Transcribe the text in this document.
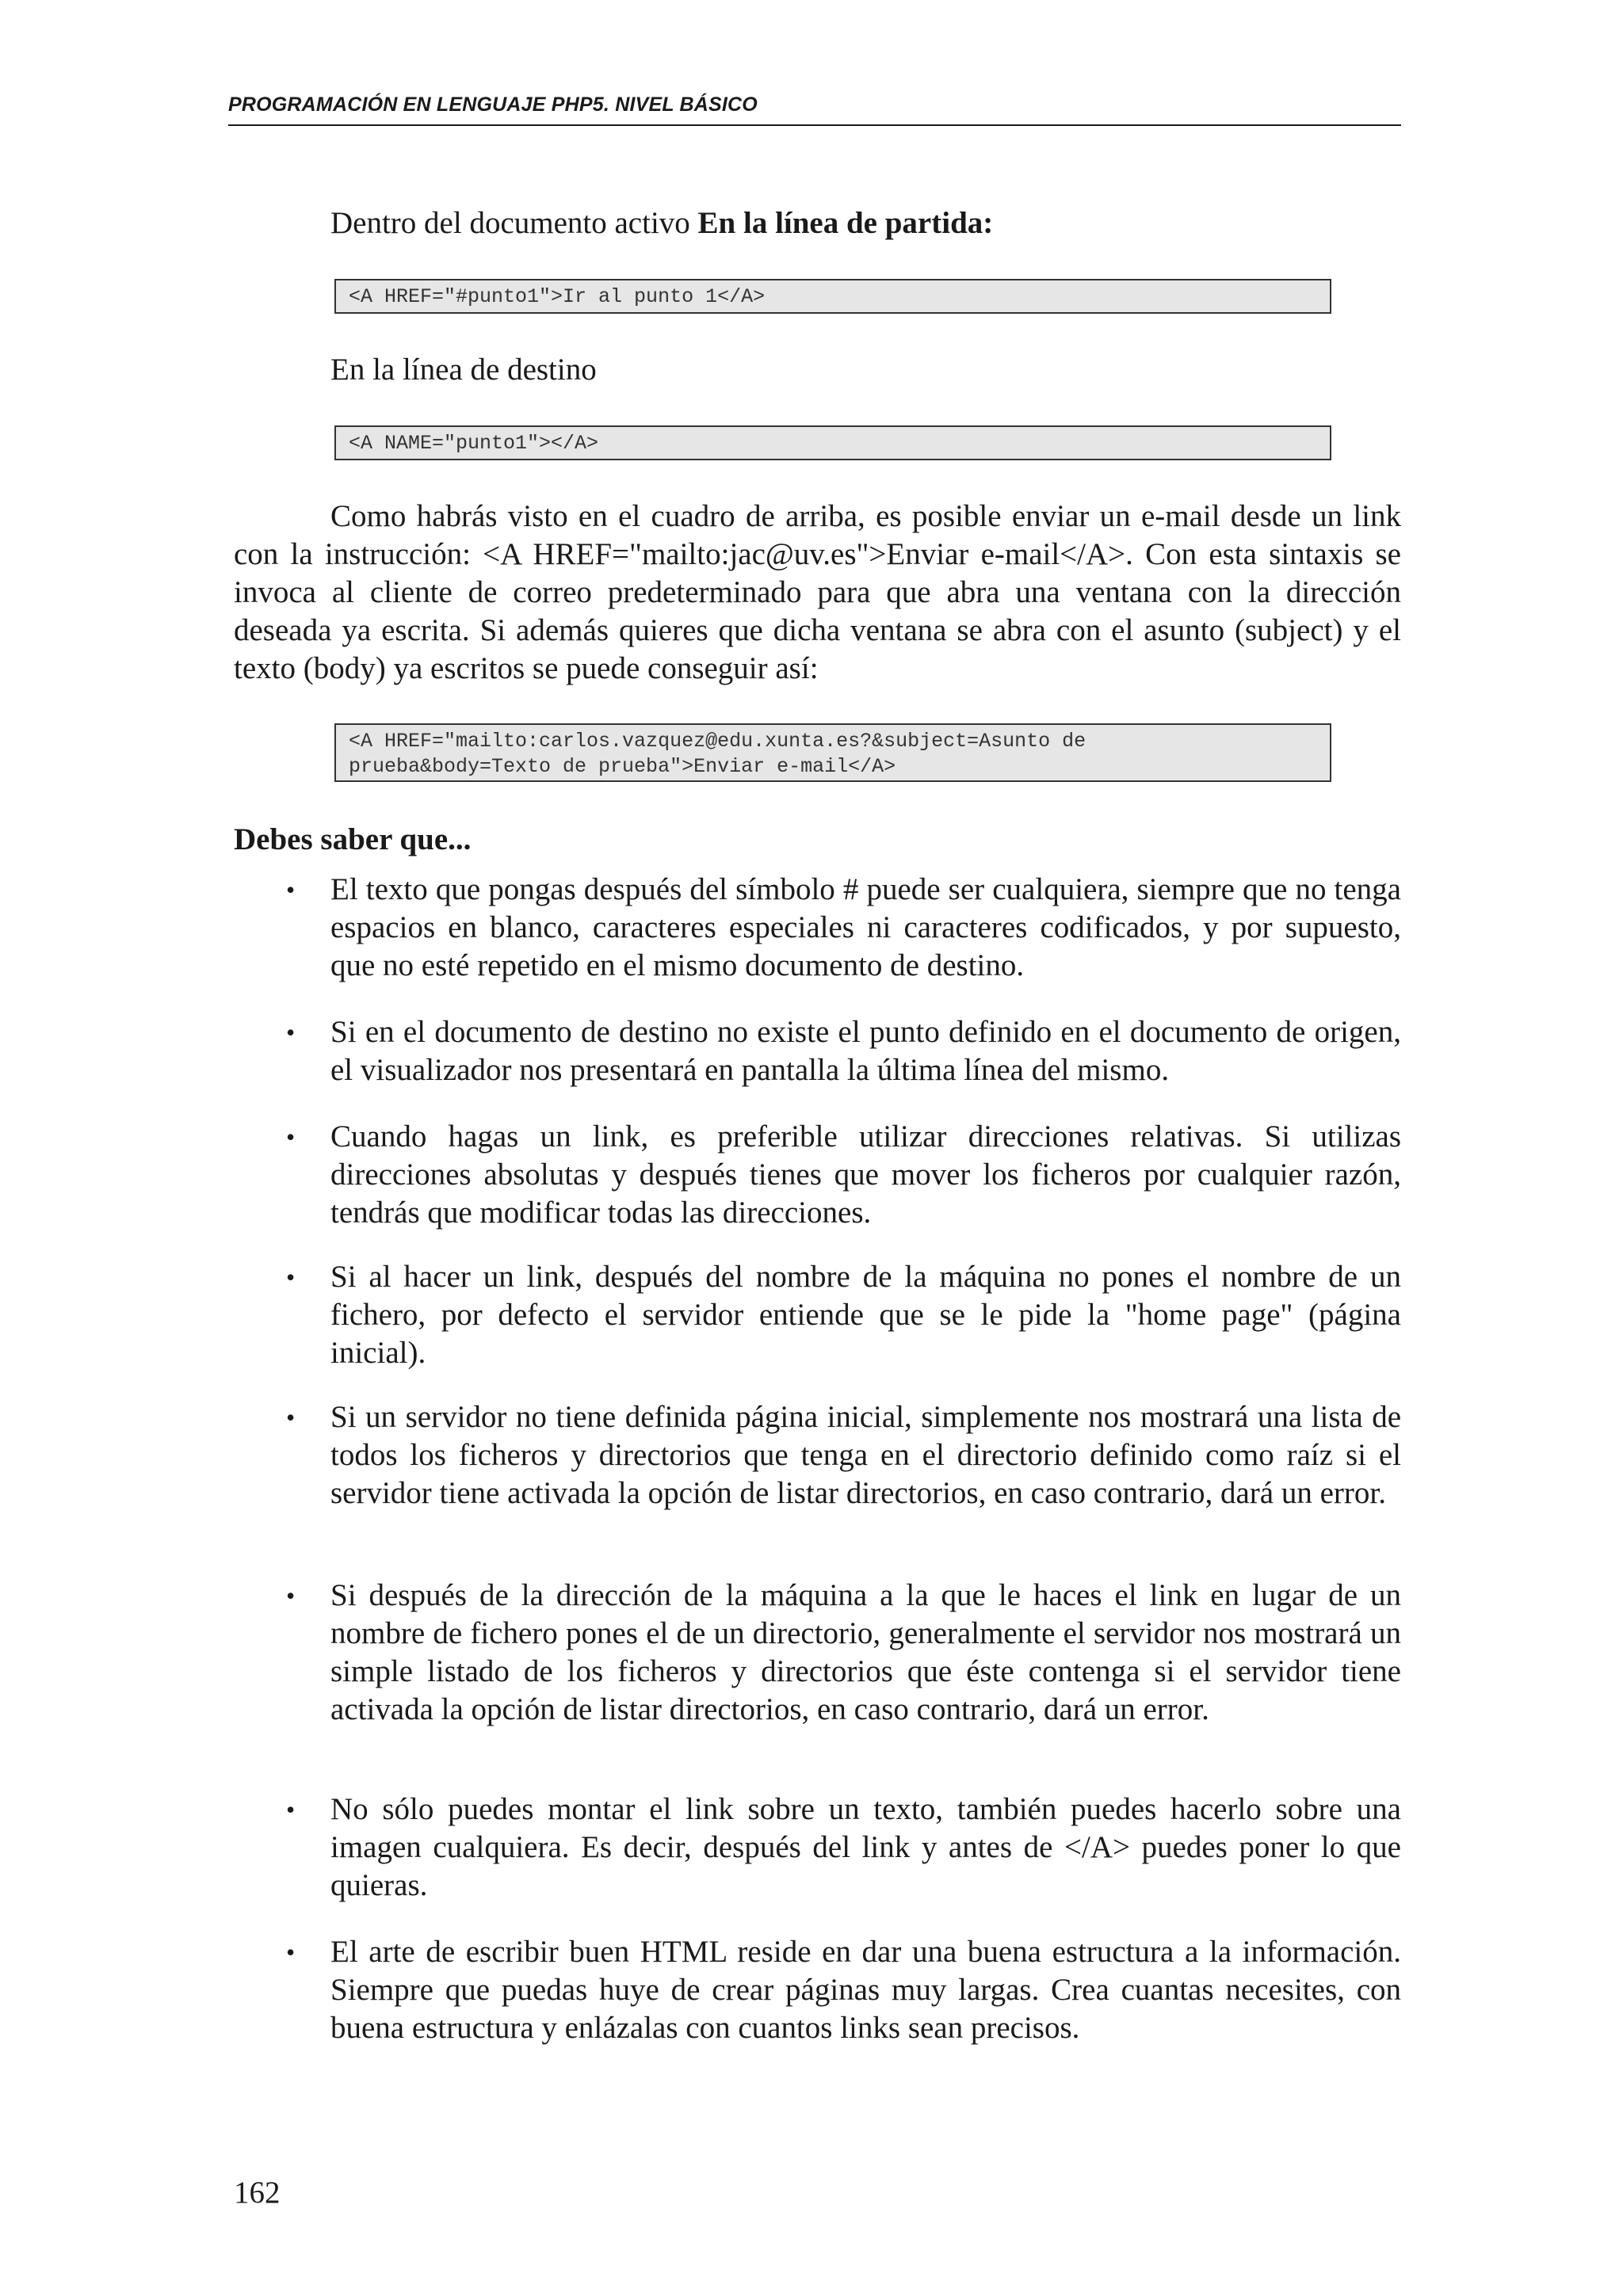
PROGRAMACIÓN EN LENGUAJE PHP5. NIVEL BÁSICO

Dentro del documento activo En la línea de partida:

<A HREF="#punto1">Ir al punto 1</A>

En la línea de destino

<A NAME="punto1"></A>

Como habrás visto en el cuadro de arriba, es posible enviar un e-mail desde un link con la instrucción: <A HREF="mailto:jac@uv.es">Enviar e-mail</A>. Con esta sintaxis se invoca al cliente de correo predeterminado para que abra una ventana con la dirección deseada ya escrita. Si además quieres que dicha ventana se abra con el asunto (subject) y el texto (body) ya escritos se puede conseguir así:

<A HREF="mailto:carlos.vazquez@edu.xunta.es?&subject=Asunto de
prueba&body=Texto de prueba">Enviar e-mail</A>
Debes saber que...
• El texto que pongas después del símbolo # puede ser cualquiera, siempre que no tenga espacios en blanco, caracteres especiales ni caracteres codificados, y por supuesto, que no esté repetido en el mismo documento de destino.
• Si en el documento de destino no existe el punto definido en el documento de origen, el visualizador nos presentará en pantalla la última línea del mismo.
• Cuando hagas un link, es preferible utilizar direcciones relativas. Si utilizas direcciones absolutas y después tienes que mover los ficheros por cualquier razón, tendrás que modificar todas las direcciones.
• Si al hacer un link, después del nombre de la máquina no pones el nombre de un fichero, por defecto el servidor entiende que se le pide la "home page" (página inicial).
• Si un servidor no tiene definida página inicial, simplemente nos mostrará una lista de todos los ficheros y directorios que tenga en el directorio definido como raíz si el servidor tiene activada la opción de listar directorios, en caso contrario, dará un error.
• Si después de la dirección de la máquina a la que le haces el link en lugar de un nombre de fichero pones el de un directorio, generalmente el servidor nos mostrará un simple listado de los ficheros y directorios que éste contenga si el servidor tiene activada la opción de listar directorios, en caso contrario, dará un error.
• No sólo puedes montar el link sobre un texto, también puedes hacerlo sobre una imagen cualquiera. Es decir, después del link y antes de </A> puedes poner lo que quieras.
• El arte de escribir buen HTML reside en dar una buena estructura a la información. Siempre que puedas huye de crear páginas muy largas. Crea cuantas necesites, con buena estructura y enlázalas con cuantos links sean precisos.

162
